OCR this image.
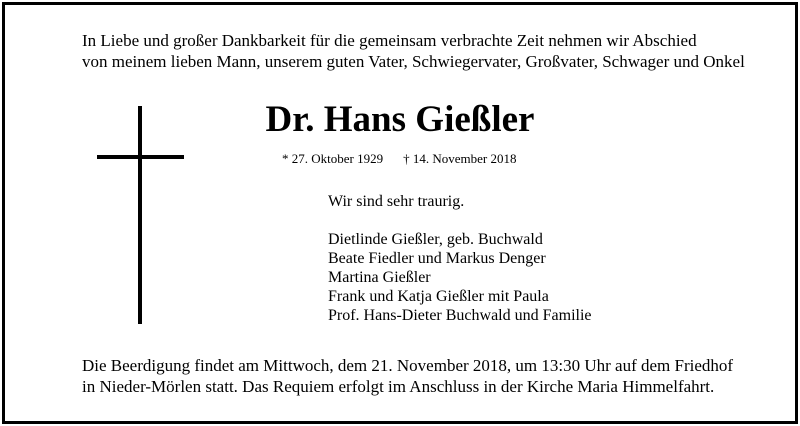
In Liebe und großer Dankbarkeit für die gemeinsam verbrachte Zeit nehmen wir Abschied
von meinem lieben Mann, unserem guten Vater, Schwiegervater, Großvater, Schwager und Onkel
Dr. Hans Gießler
* 27. Oktober 1929 † 14. November 2018
Wir sind sehr traurig.
Dietlinde Gießler, geb. Buchwald
Beate Fiedler und Markus Denger
Martina Gießler
Frank und Katja Gießler mit Paula
Prof. Hans-Dieter Buchwald und Familie
Die Beerdigung findet am Mittwoch, dem 21. November 2018, um 13:30 Uhr auf dem Friedhof
in Nieder-Mörlen statt. Das Requiem erfolgt im Anschluss in der Kirche Maria Himmelfahrt.
